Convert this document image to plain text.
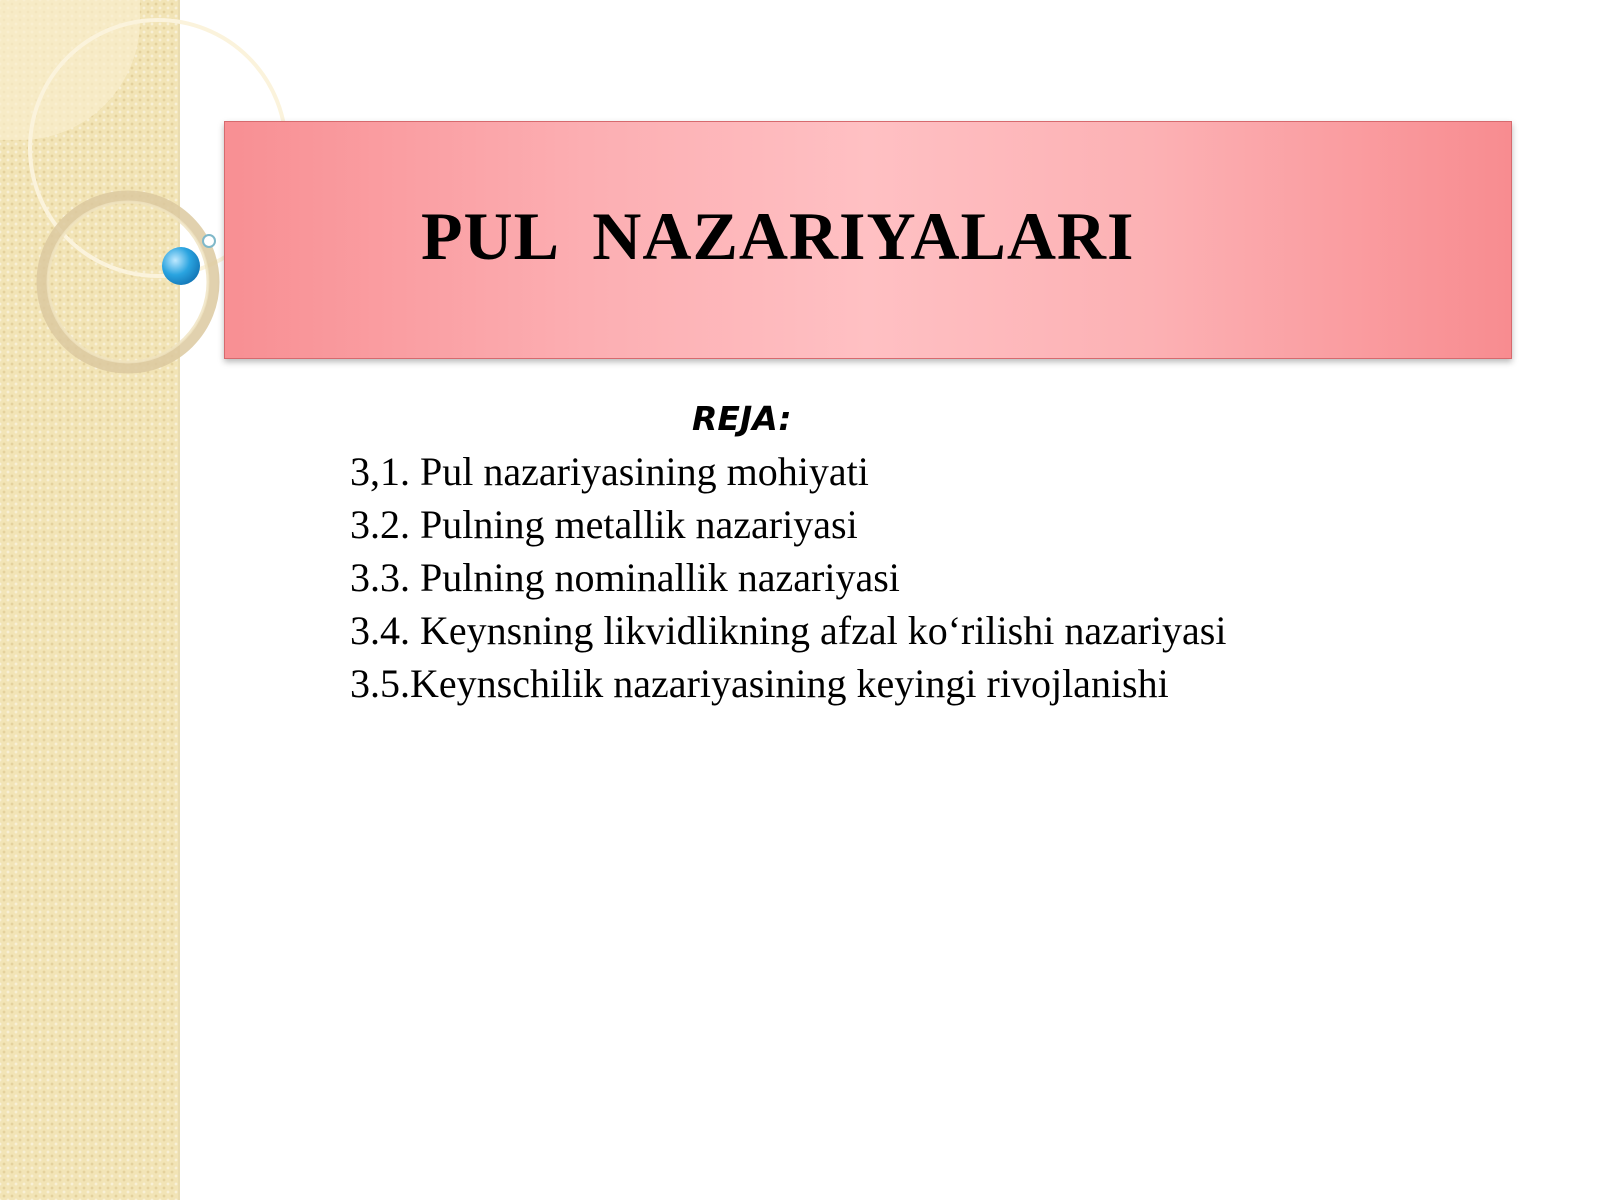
PUL  NAZARIYALARI
REJA:
3,1. Pul nazariyasining mohiyati
3.2. Pulning metallik nazariyasi
3.3. Pulning nominallik nazariyasi
3.4. Keynsning likvidlikning afzal ko‘rilishi nazariyasi
3.5.Keynschilik nazariyasining keyingi rivojlanishi
